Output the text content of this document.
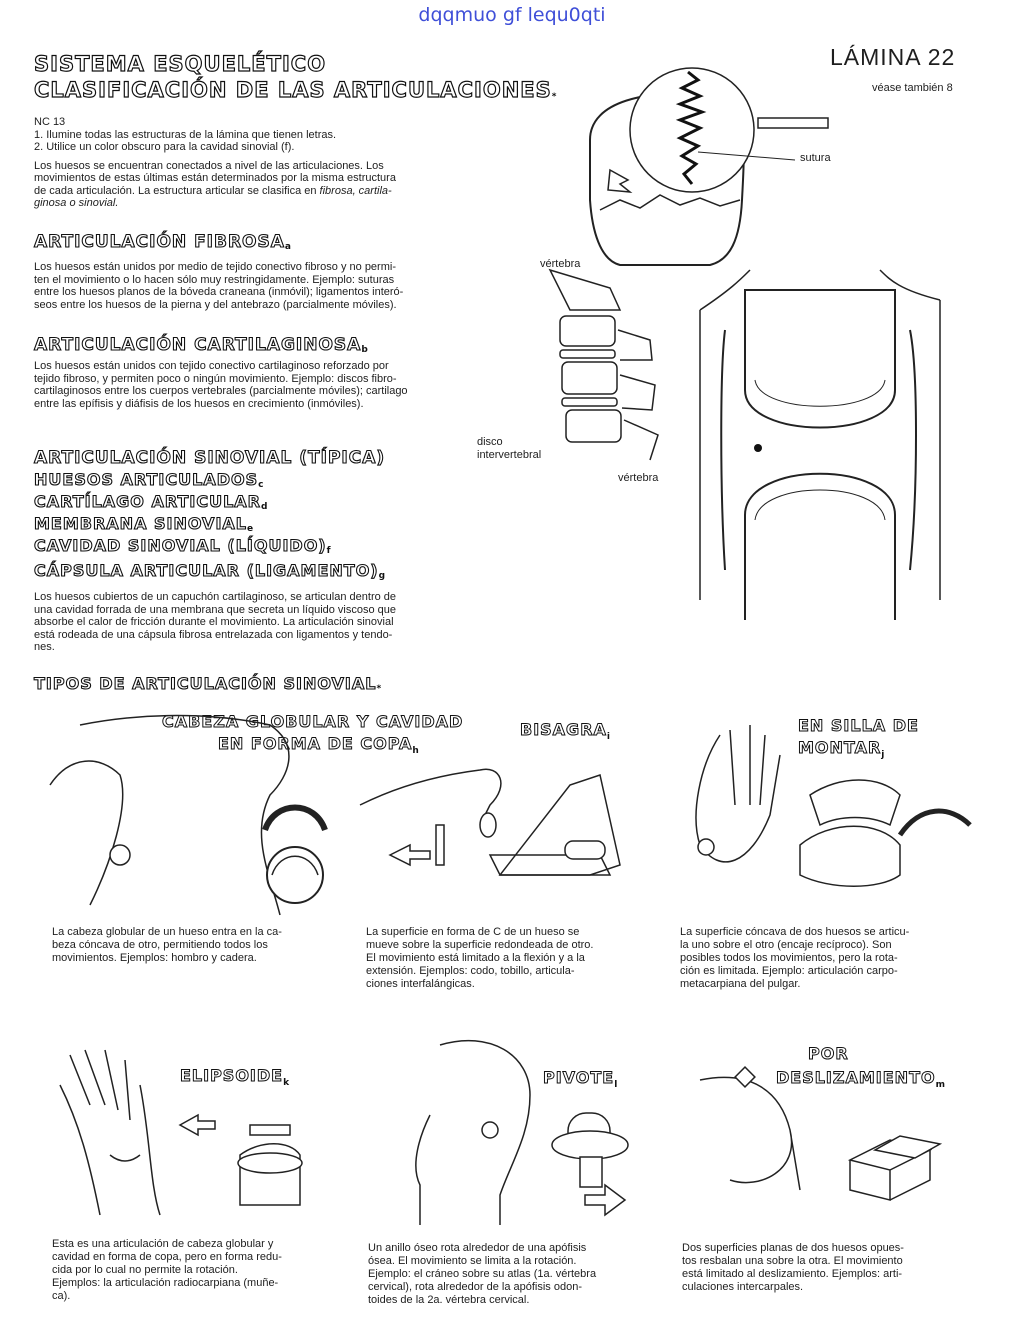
dqqmuo gf lequ0qti
SISTEMA ESQUELÉTICO
CLASIFICACIÓN DE LAS $ARTICULACIONES_*$
LÁMINA 22
véase también 8
NC 13
1. Ilumine todas las estructuras de la lámina que tienen letras.
2. Utilice un color obscuro para la cavidad sinovial (f).
Los huesos se encuentran conectados a nivel de las articulaciones. Los
movimientos de estas últimas están determinados por la misma estructura
de cada articulación. La estructura articular se clasifica en fibrosa, cartila-
ginosa o sinovial.
ARTICULACIÓN $FIBROSA_a$
Los huesos están unidos por medio de tejido conectivo fibroso y no permi-
ten el movimiento o lo hacen sólo muy restringidamente. Ejemplo: suturas
entre los huesos planos de la bóveda craneana (inmóvil); ligamentos interó-
seos entre los huesos de la pierna y del antebrazo (parcialmente móviles).
ARTICULACIÓN $CARTILAGINOSA_b$
Los huesos están unidos con tejido conectivo cartilaginoso reforzado por
tejido fibroso, y permiten poco o ningún movimiento. Ejemplo: discos fibro-
cartilaginosos entre los cuerpos vertebrales (parcialmente móviles); cartilago
entre las epífisis y diáfisis de los huesos en crecimiento (inmóviles).
ARTICULACIÓN SINOVIAL (TÍPICA)
HUESOS $ARTICULADOS_c$
CARTÍLAGO $ARTICULAR_d$
MEMBRANA $SINOVIAL_e$
CAVIDAD SINOVIAL $(LÍQUIDO)_f$
CÁPSULA ARTICULAR $(LIGAMENTO)_g$
Los huesos cubiertos de un capuchón cartilaginoso, se articulan dentro de
una cavidad forrada de una membrana que secreta un líquido viscoso que
absorbe el calor de fricción durante el movimiento. La articulación sinovial
está rodeada de una cápsula fibrosa entrelazada con ligamentos y tendo-
nes.
sutura
vértebra
disco
intervertebral
vértebra
TIPOS DE ARTICULACIÓN $SINOVIAL_*$
CABEZA GLOBULAR Y CAVIDAD
EN FORMA DE $COPA_h$
$BISAGRA_i$
EN SILLA DE
$MONTAR_j$
$ELIPSOIDE_k$	$PIVOTE_l$
POR
$DESLIZAMIENTO_m$
La cabeza globular de un hueso entra en la ca-
beza cóncava de otro, permitiendo todos los
movimientos. Ejemplos: hombro y cadera.
La superficie en forma de C de un hueso se
mueve sobre la superficie redondeada de otro.
El movimiento está limitado a la flexión y a la
extensión. Ejemplos: codo, tobillo, articula-
ciones interfalángicas.
La superficie cóncava de dos huesos se articu-
la uno sobre el otro (encaje recíproco). Son
posibles todos los movimientos, pero la rota-
ción es limitada. Ejemplo: articulación carpo-
metacarpiana del pulgar.
Esta es una articulación de cabeza globular y
cavidad en forma de copa, pero en forma redu-
cida por lo cual no permite la rotación.
Ejemplos: la articulación radiocarpiana (muñe-
ca).
Un anillo óseo rota alrededor de una apófisis
ósea. El movimiento se limita a la rotación.
Ejemplo: el cráneo sobre su atlas (1a. vértebra
cervical), rota alrededor de la apófisis odon-
toides de la 2a. vértebra cervical.
Dos superficies planas de dos huesos opues-
tos resbalan una sobre la otra. El movimiento
está limitado al deslizamiento. Ejemplos: arti-
culaciones intercarpales.
